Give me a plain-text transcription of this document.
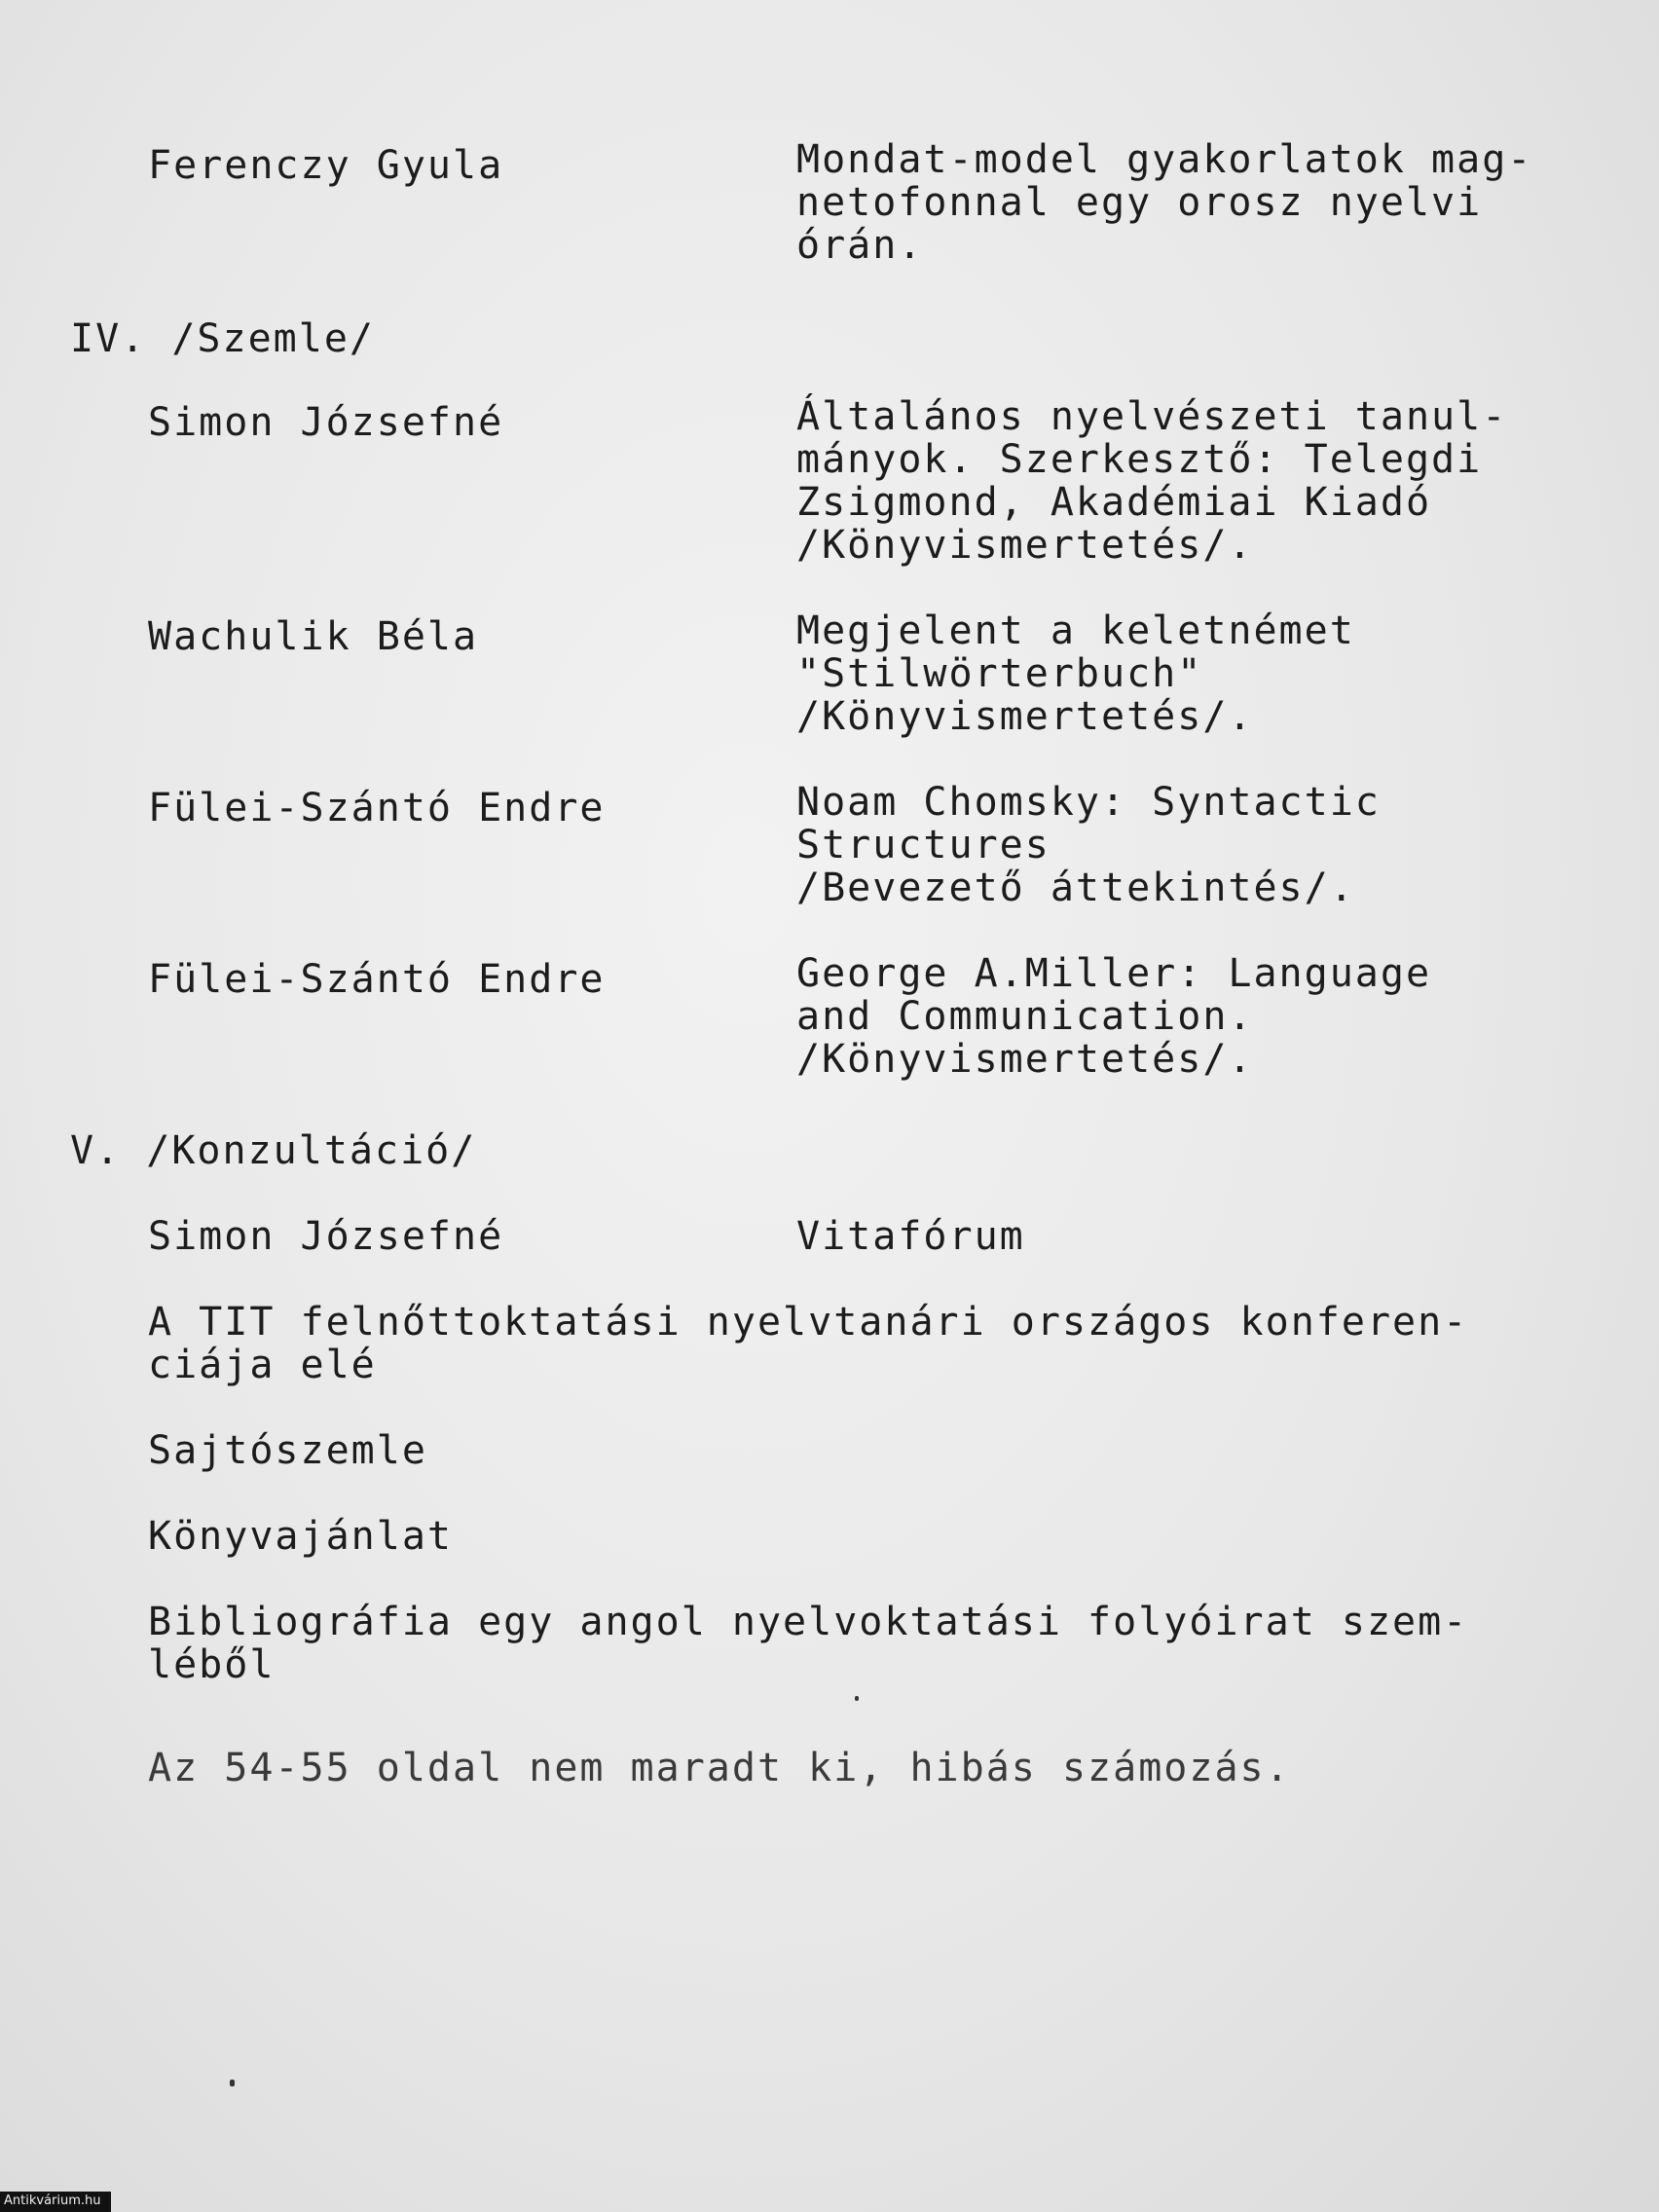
Ferenczy Gyula	Mondat-model gyakorlatok mag-
netofonnal egy orosz nyelvi
órán.
IV. /Szemle/
Simon Józsefné	Általános nyelvészeti tanul-
mányok. Szerkesztő: Telegdi
Zsigmond, Akadémiai Kiadó
/Könyvismertetés/.
Wachulik Béla	Megjelent a keletnémet
"Stilwörterbuch"
/Könyvismertetés/.
Fülei-Szántó Endre	Noam Chomsky: Syntactic
Structures
/Bevezető áttekintés/.
Fülei-Szántó Endre	George A.Miller: Language
and Communication.
/Könyvismertetés/.
V. /Konzultáció/
Simon Józsefné	Vitafórum
A TIT felnőttoktatási nyelvtanári országos konferen-
ciája elé
Sajtószemle
Könyvajánlat
Bibliográfia egy angol nyelvoktatási folyóirat szem-
léből
Az 54-55 oldal nem maradt ki, hibás számozás.
Antikvárium.hu
